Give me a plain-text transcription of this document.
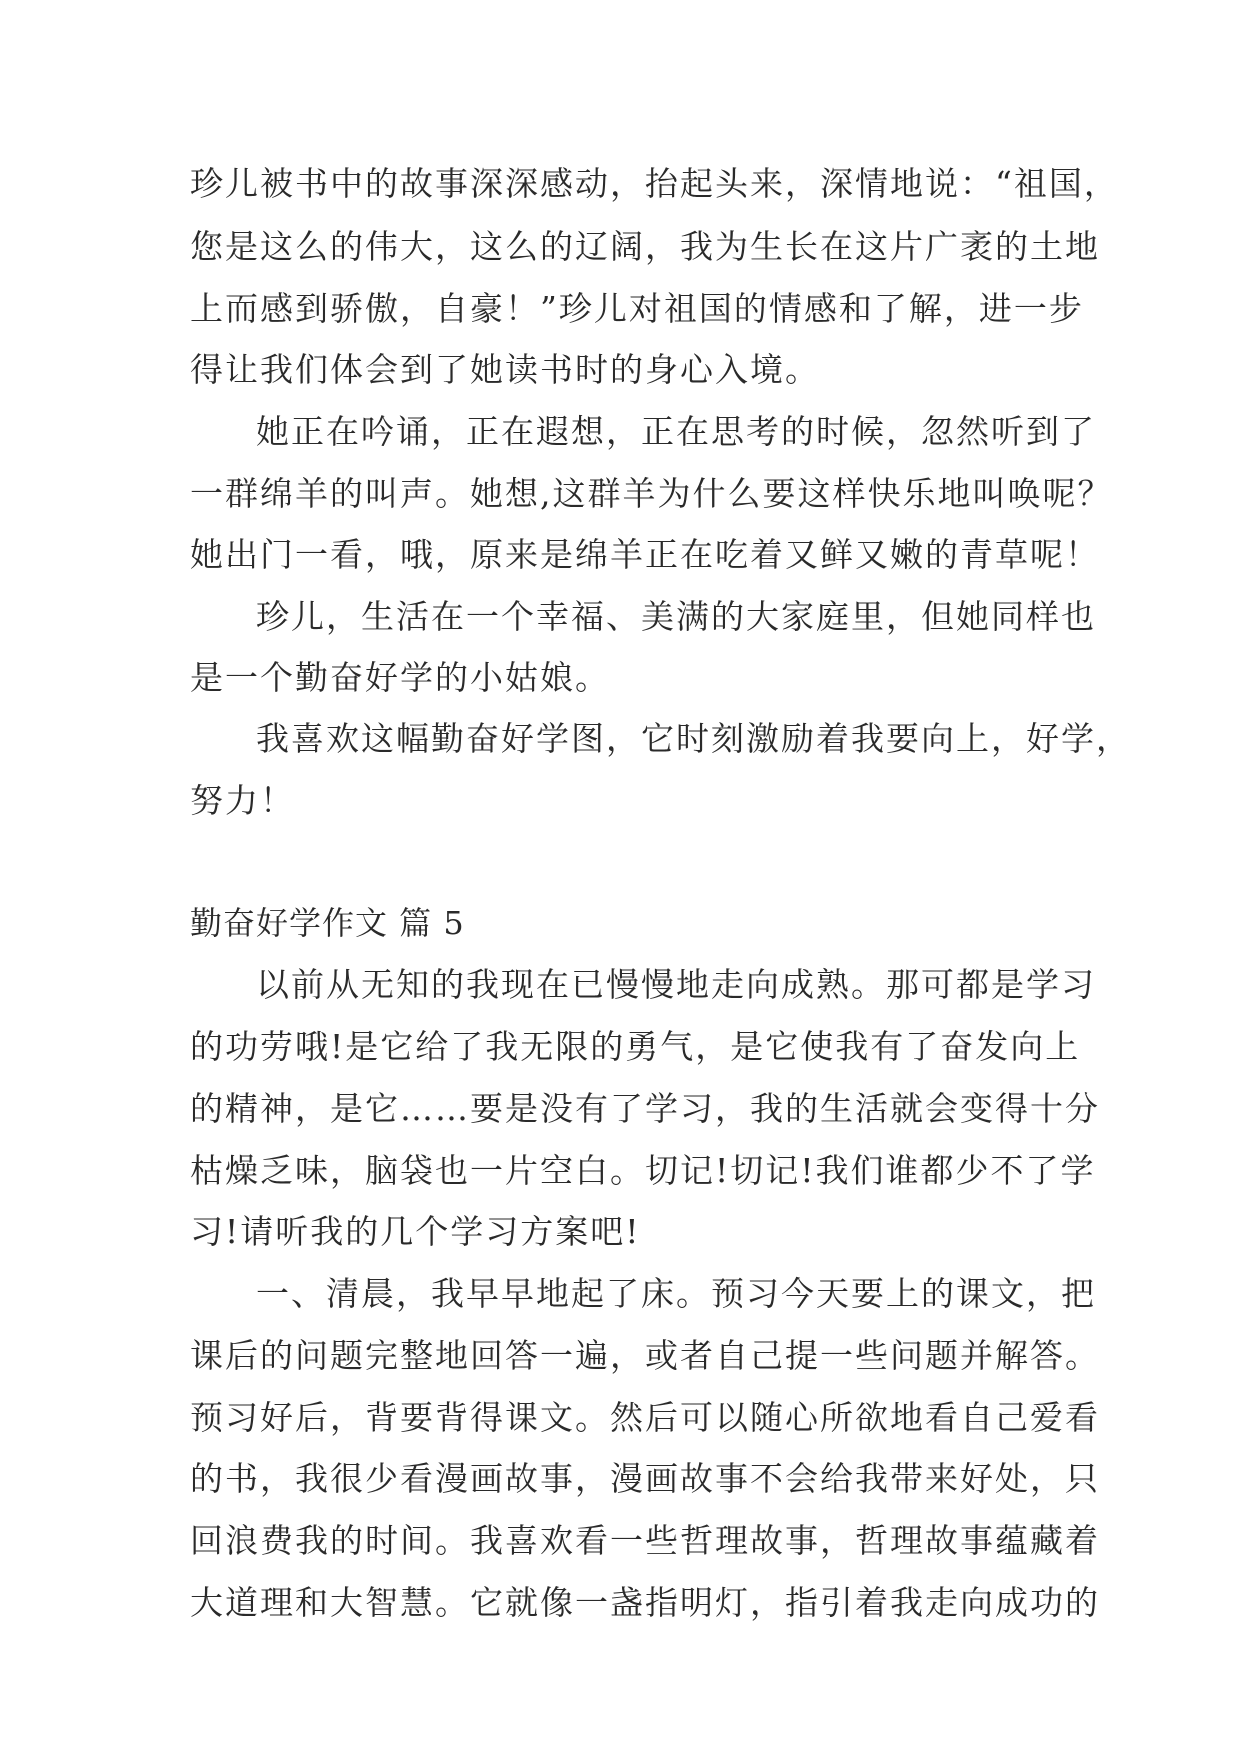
珍儿被书中的故事深深感动，抬起头来，深情地说：“祖国，

您是这么的伟大，这么的辽阔，我为生长在这片广袤的土地

上而感到骄傲，自豪！”珍儿对祖国的情感和了解，进一步

得让我们体会到了她读书时的身心入境。

她正在吟诵，正在遐想，正在思考的时候，忽然听到了

一群绵羊的叫声。她想,这群羊为什么要这样快乐地叫唤呢？

她出门一看，哦，原来是绵羊正在吃着又鲜又嫩的青草呢！

珍儿，生活在一个幸福、美满的大家庭里，但她同样也

是一个勤奋好学的小姑娘。

我喜欢这幅勤奋好学图，它时刻激励着我要向上，好学，

努力！

勤奋好学作文 篇 5

以前从无知的我现在已慢慢地走向成熟。那可都是学习

的功劳哦!是它给了我无限的勇气，是它使我有了奋发向上

的精神，是它……要是没有了学习，我的生活就会变得十分

枯燥乏味，脑袋也一片空白。切记!切记!我们谁都少不了学

习!请听我的几个学习方案吧!

一、清晨，我早早地起了床。预习今天要上的课文，把

课后的问题完整地回答一遍，或者自己提一些问题并解答。

预习好后，背要背得课文。然后可以随心所欲地看自己爱看

的书，我很少看漫画故事，漫画故事不会给我带来好处，只

回浪费我的时间。我喜欢看一些哲理故事，哲理故事蕴藏着

大道理和大智慧。它就像一盏指明灯，指引着我走向成功的
